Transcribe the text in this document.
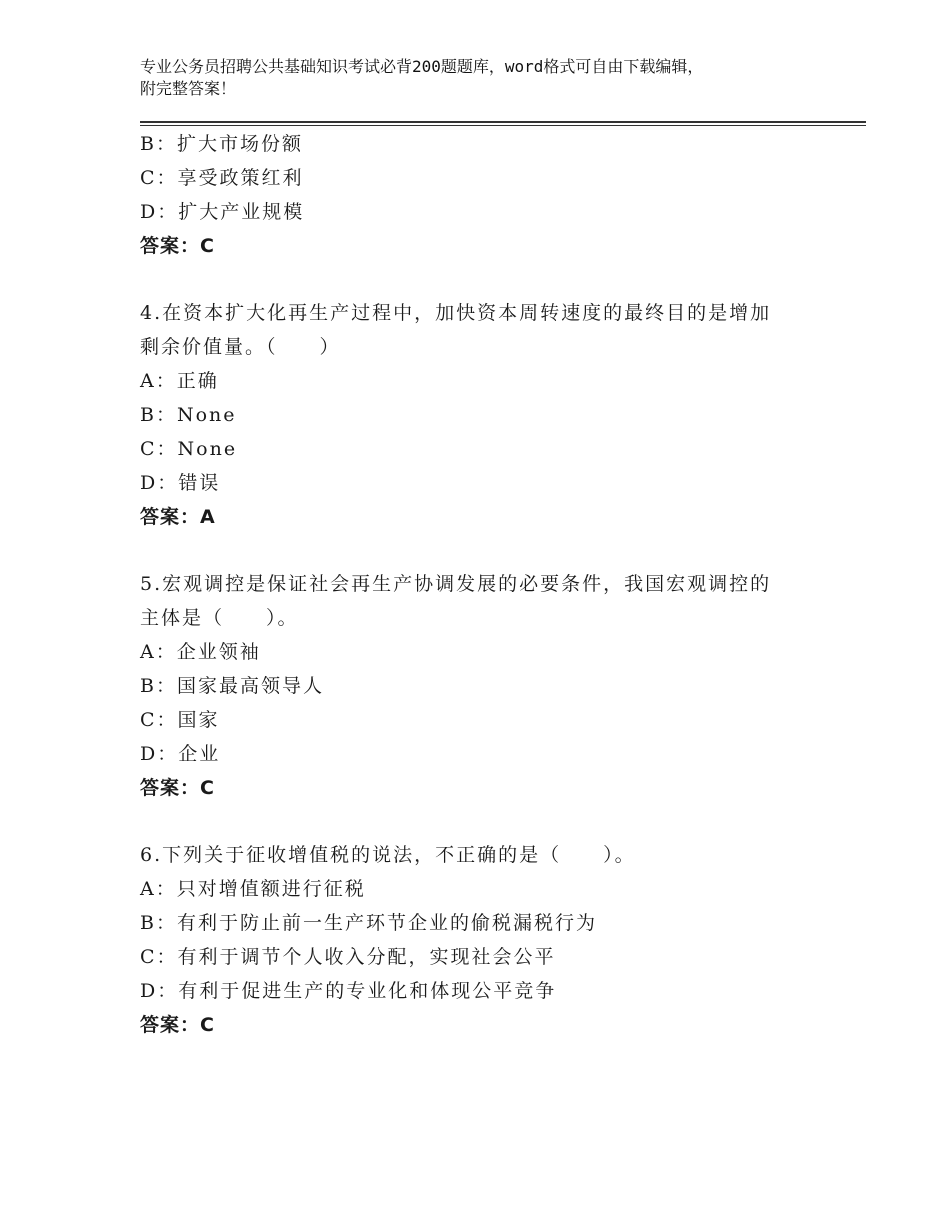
专业公务员招聘公共基础知识考试必背200题题库，word格式可自由下载编辑，
附完整答案！
B：扩大市场份额
C：享受政策红利
D：扩大产业规模
答案：C
4.在资本扩大化再生产过程中，加快资本周转速度的最终目的是增加
剩余价值量。（　　）
A：正确
B：None
C：None
D：错误
答案：A
5.宏观调控是保证社会再生产协调发展的必要条件，我国宏观调控的
主体是（　　）。
A：企业领袖
B：国家最高领导人
C：国家
D：企业
答案：C
6.下列关于征收增值税的说法，不正确的是（　　）。
A：只对增值额进行征税
B：有利于防止前一生产环节企业的偷税漏税行为
C：有利于调节个人收入分配，实现社会公平
D：有利于促进生产的专业化和体现公平竞争
答案：C
